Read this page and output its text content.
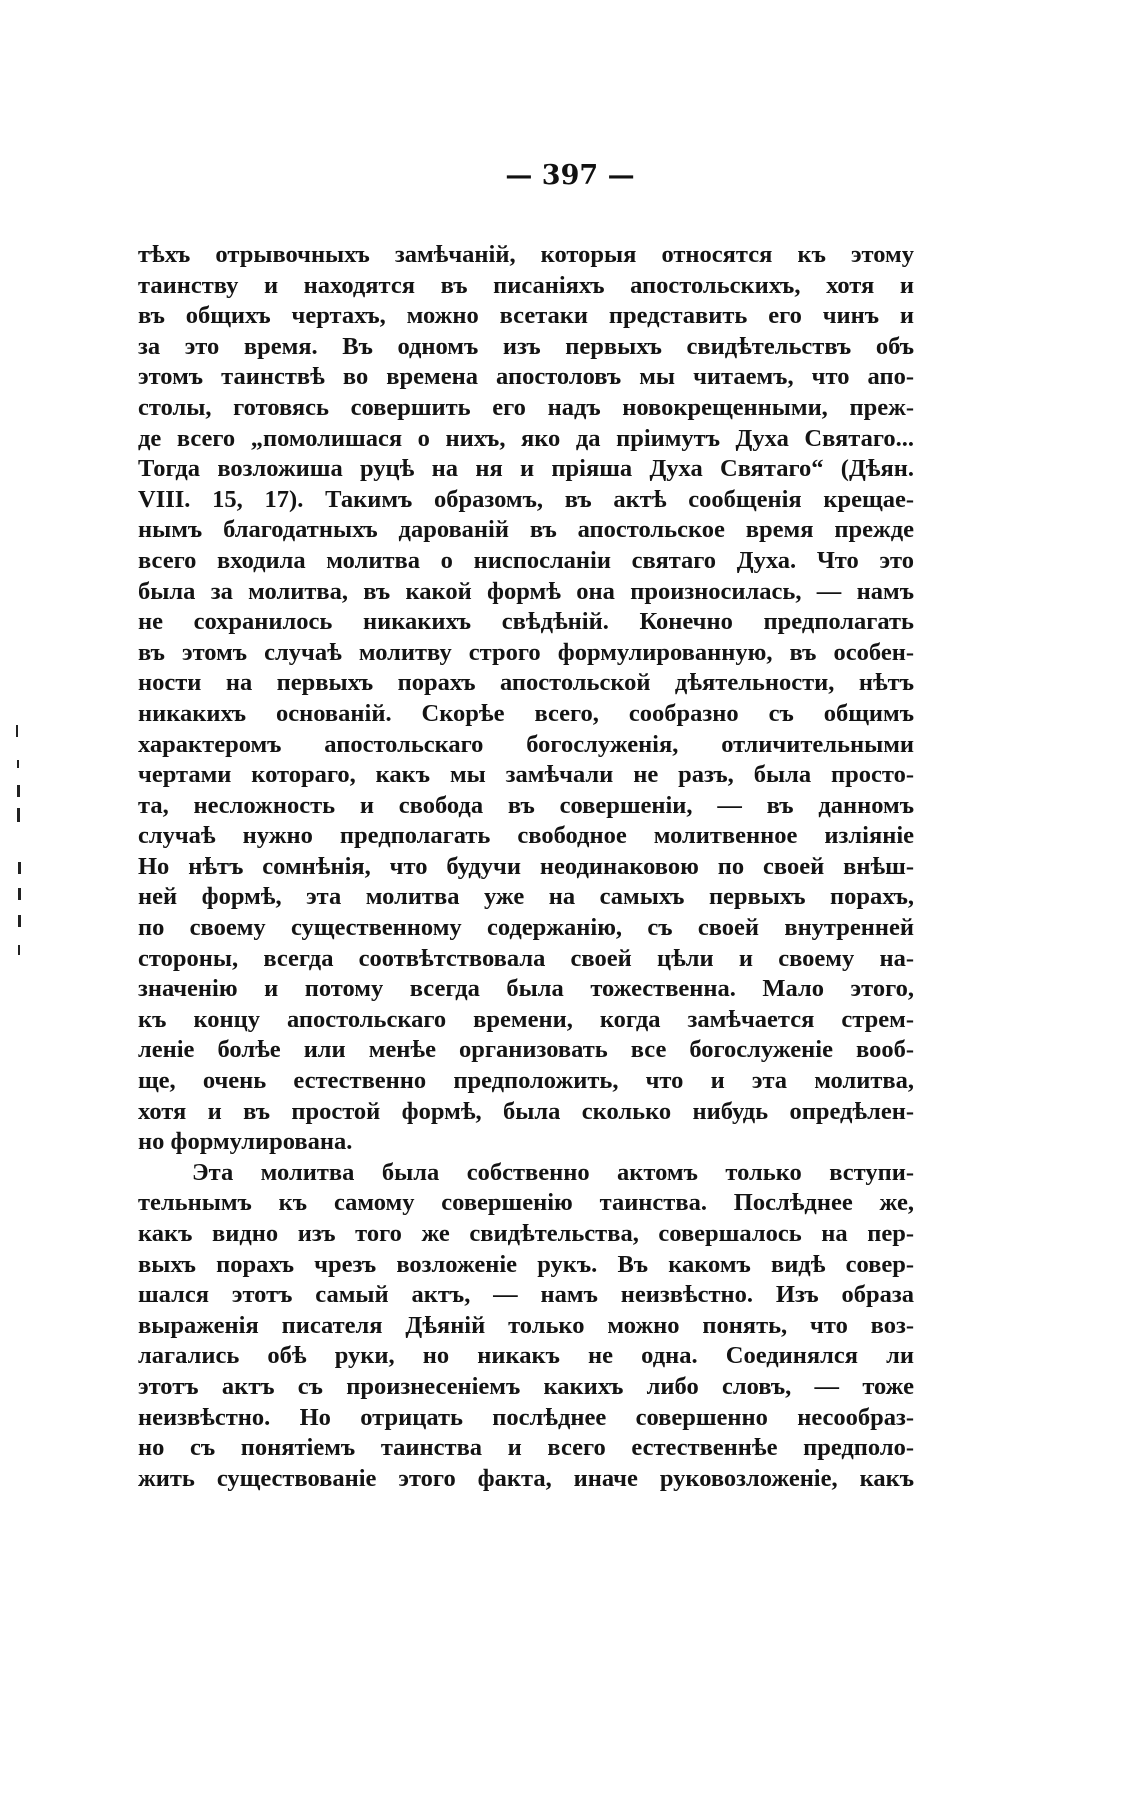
— 397 —
тѣхъ отрывочныхъ замѣчаній, которыя относятся къ этому
таинству и находятся въ писаніяхъ апостольскихъ, хотя и
въ общихъ чертахъ, можно всетаки представить его чинъ и
за это время. Въ одномъ изъ первыхъ свидѣтельствъ объ
этомъ таинствѣ во времена апостоловъ мы читаемъ, что апо-
столы, готовясь совершить его надъ новокрещенными, преж-
де всего „помолишася о нихъ, яко да пріимутъ Духа Святаго...
Тогда возложиша руцѣ на ня и пріяша Духа Святаго“ (Дѣян.
VIII. 15, 17). Такимъ образомъ, въ актѣ сообщенія крещае-
нымъ благодатныхъ дарованій въ апостольское время прежде
всего входила молитва о ниспосланіи святаго Духа. Что это
была за молитва, въ какой формѣ она произносилась, — намъ
не сохранилось никакихъ свѣдѣній. Конечно предполагать
въ этомъ случаѣ молитву строго формулированную, въ особен-
ности на первыхъ порахъ апостольской дѣятельности, нѣтъ
никакихъ основаній. Скорѣе всего, сообразно съ общимъ
характеромъ апостольскаго богослуженія, отличительными
чертами котораго, какъ мы замѣчали не разъ, была просто-
та, несложность и свобода въ совершеніи, — въ данномъ
случаѣ нужно предполагать свободное молитвенное изліяніе
Но нѣтъ сомнѣнія, что будучи неодинаковою по своей внѣш-
ней формѣ, эта молитва уже на самыхъ первыхъ порахъ,
по своему существенному содержанію, съ своей внутренней
стороны, всегда соотвѣтствовала своей цѣли и своему на-
значенію и потому всегда была тожественна. Мало этого,
къ концу апостольскаго времени, когда замѣчается стрем-
леніе болѣе или менѣе организовать все богослуженіе вооб-
ще, очень естественно предположить, что и эта молитва,
хотя и въ простой формѣ, была сколько нибудь опредѣлен-
но формулирована.
Эта молитва была собственно актомъ только вступи-
тельнымъ къ самому совершенію таинства. Послѣднее же,
какъ видно изъ того же свидѣтельства, совершалось на пер-
выхъ порахъ чрезъ возложеніе рукъ. Въ какомъ видѣ совер-
шался этотъ самый актъ, — намъ неизвѣстно. Изъ образа
выраженія писателя Дѣяній только можно понять, что воз-
лагались обѣ руки, но никакъ не одна. Соединялся ли
этотъ актъ съ произнесеніемъ какихъ либо словъ, — тоже
неизвѣстно. Но отрицать послѣднее совершенно несообраз-
но съ понятіемъ таинства и всего естественнѣе предполо-
жить существованіе этого факта, иначе руковозложеніе, какъ
